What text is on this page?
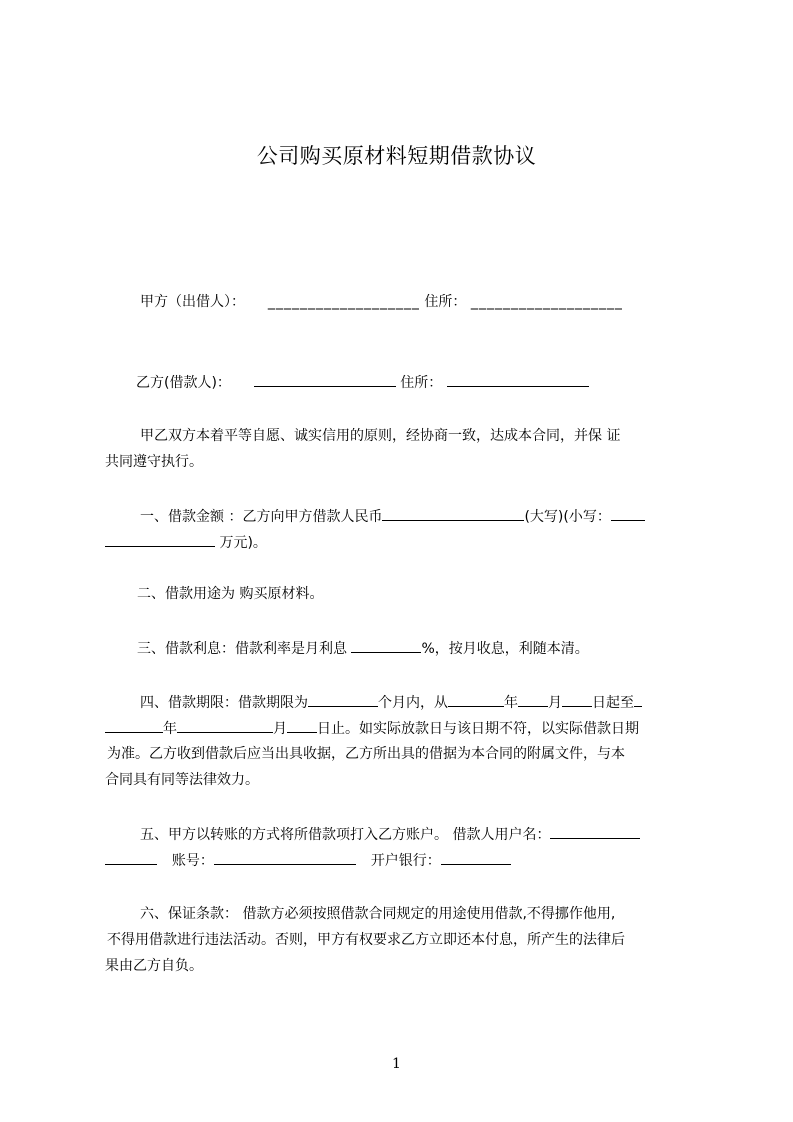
公司购买原材料短期借款协议
甲方（出借人）： ___________________ 住所： ___________________
乙方(借款人)：	住所：
甲乙双方本着平等自愿、诚实信用的原则，经协商一致，达成本合同，并保 证
共同遵守执行。
一、借款金额 ：乙方向甲方借款人民币	(大写)(小写：
万元)。
二、借款用途为 购买原材料。
三、借款利息：借款利率是月利息	%，按月收息，利随本清。
四、借款期限：借款期限为	个月内，从	年 月 日起至
年	月 日止。如实际放款日与该日期不符，以实际借款日期
为准。乙方收到借款后应当出具收据，乙方所出具的借据为本合同的附属文件，与本
合同具有同等法律效力。
五、甲方以转账的方式将所借款项打入乙方账户。 借款人用户名：
账号：	开户银行：
六、保证条款： 借款方必须按照借款合同规定的用途使用借款,不得挪作他用,
不得用借款进行违法活动。否则，甲方有权要求乙方立即还本付息，所产生的法律后
果由乙方自负。
1
